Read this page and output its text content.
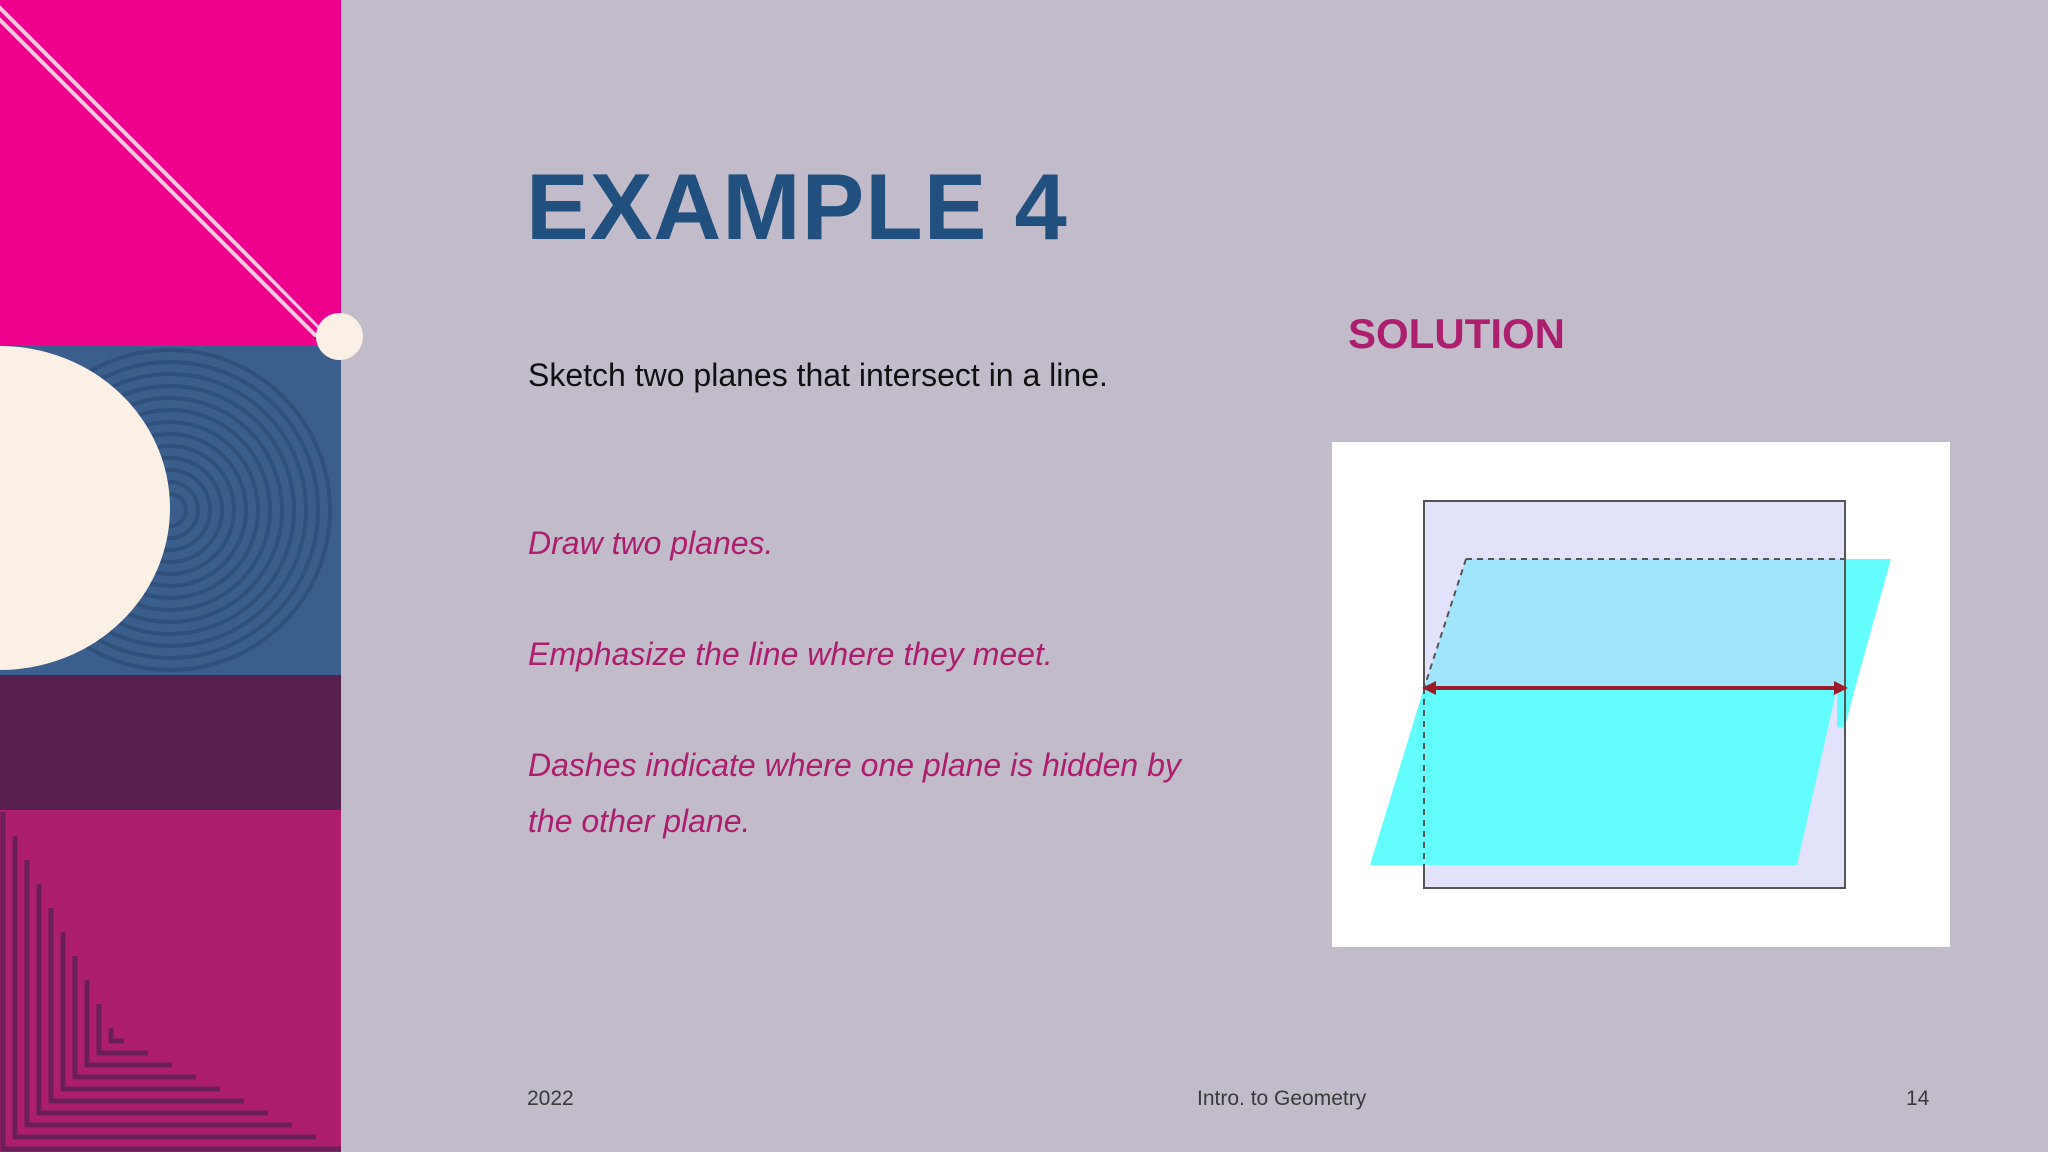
EXAMPLE 4

Sketch two planes that intersect in a line.

Draw two planes.

Emphasize the line where they meet.

Dashes indicate where one plane is hidden by the other plane.

SOLUTION
2022	Intro. to Geometry	14
